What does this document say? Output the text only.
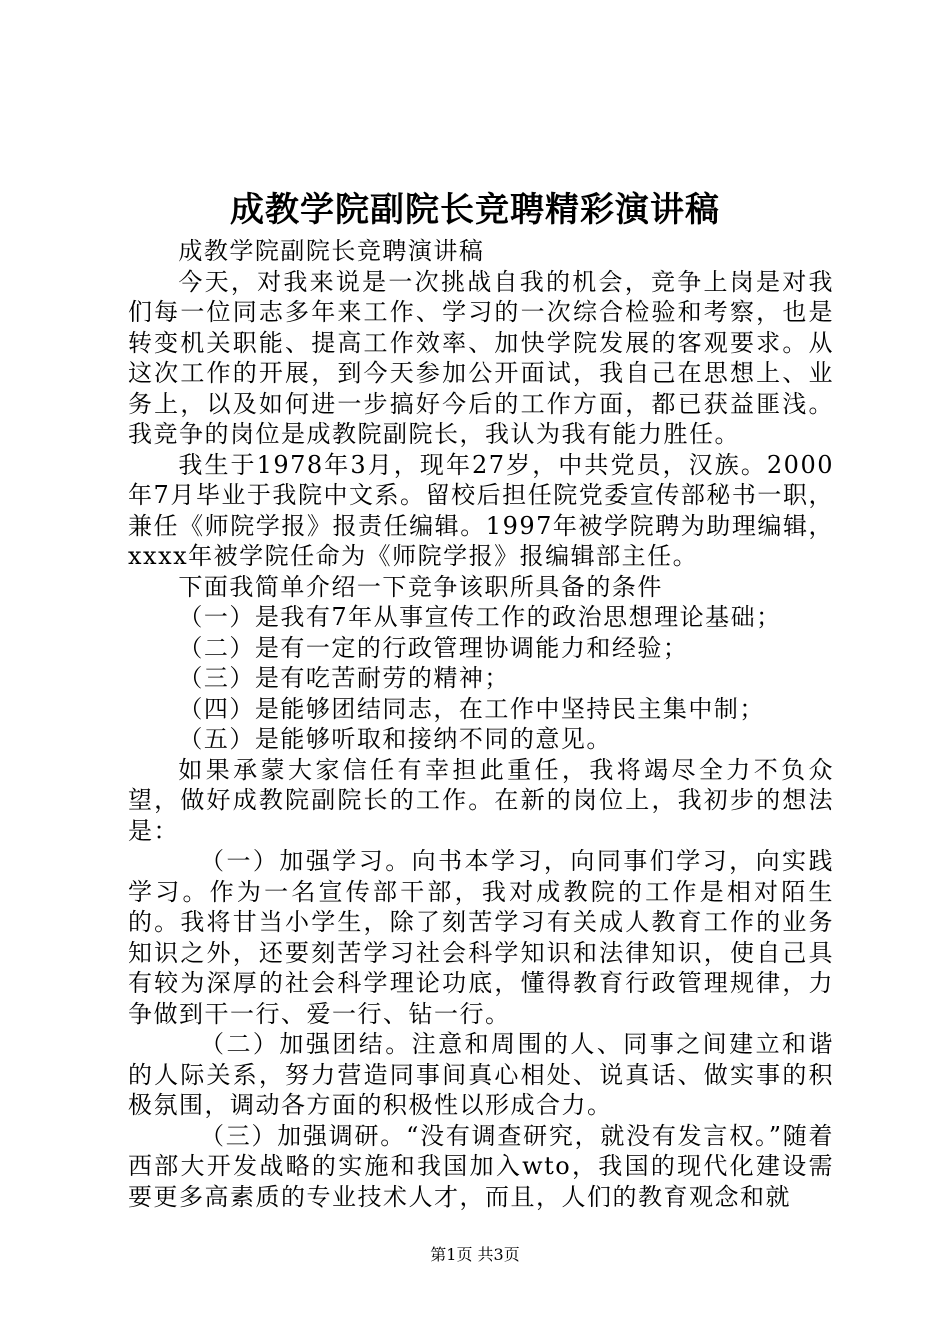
成教学院副院长竞聘精彩演讲稿

成教学院副院长竞聘演讲稿

今天，对我来说是一次挑战自我的机会，竞争上岗是对我们每一位同志多年来工作、学习的一次综合检验和考察，也是转变机关职能、提高工作效率、加快学院发展的客观要求。从这次工作的开展，到今天参加公开面试，我自己在思想上、业务上，以及如何进一步搞好今后的工作方面，都已获益匪浅。我竞争的岗位是成教院副院长，我认为我有能力胜任。

我生于1978年3月，现年27岁，中共党员，汉族。2000年7月毕业于我院中文系。留校后担任院党委宣传部秘书一职，兼任《师院学报》报责任编辑。1997年被学院聘为助理编辑，xxxx年被学院任命为《师院学报》报编辑部主任。

下面我简单介绍一下竞争该职所具备的条件

（一）是我有7年从事宣传工作的政治思想理论基础；

（二）是有一定的行政管理协调能力和经验；

（三）是有吃苦耐劳的精神；

（四）是能够团结同志，在工作中坚持民主集中制；

（五）是能够听取和接纳不同的意见。

如果承蒙大家信任有幸担此重任，我将竭尽全力不负众望，做好成教院副院长的工作。在新的岗位上，我初步的想法是：

（一）加强学习。向书本学习，向同事们学习，向实践学习。作为一名宣传部干部，我对成教院的工作是相对陌生的。我将甘当小学生，除了刻苦学习有关成人教育工作的业务知识之外，还要刻苦学习社会科学知识和法律知识，使自己具有较为深厚的社会科学理论功底，懂得教育行政管理规律，力争做到干一行、爱一行、钻一行。

（二）加强团结。注意和周围的人、同事之间建立和谐的人际关系，努力营造同事间真心相处、说真话、做实事的积极氛围，调动各方面的积极性以形成合力。

（三）加强调研。“没有调查研究，就没有发言权。”随着西部大开发战略的实施和我国加入wto，我国的现代化建设需要更多高素质的专业技术人才，而且，人们的教育观念和就

第1页 共3页
